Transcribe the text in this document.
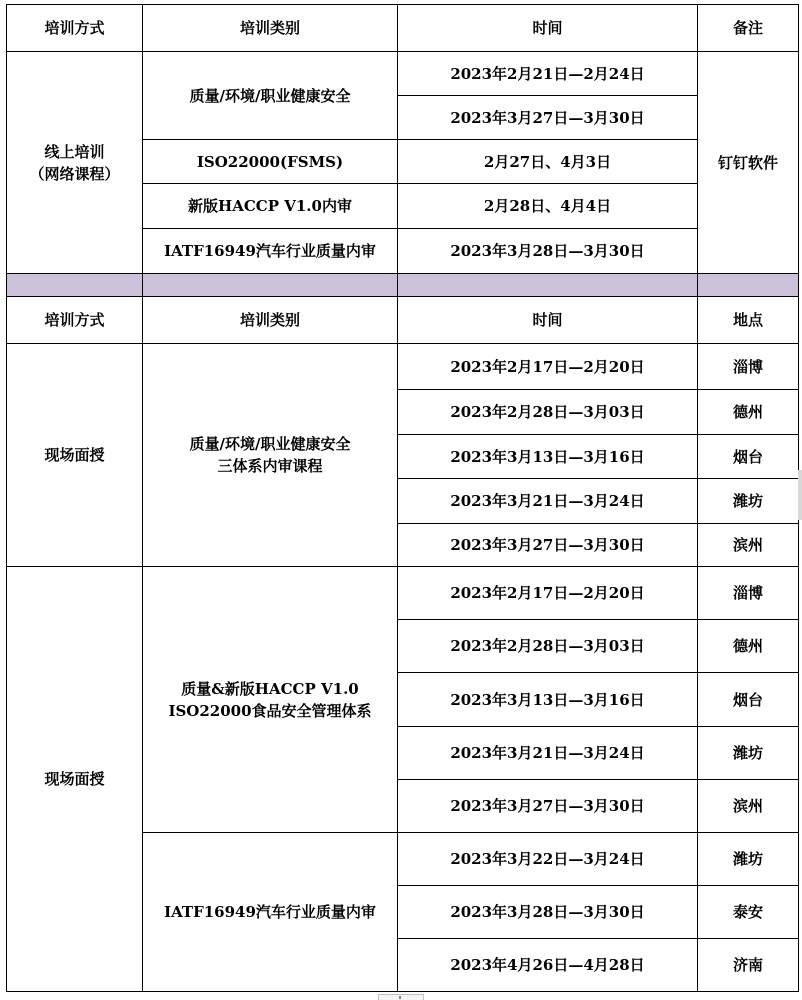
培训方式	培训类别	时间	备注

线上培训
（网络课程）	质量/环境/职业健康安全	2023年2月21日—2月24日	钉钉软件
		2023年3月27日—3月30日	
	ISO22000(FSMS)	2月27日、4月3日	
	新版HACCP V1.0内审	2月28日、4月4日	
	IATF16949汽车行业质量内审	2023年3月28日—3月30日	

培训方式	培训类别	时间	地点
现场面授	质量/环境/职业健康安全
三体系内审课程	2023年2月17日—2月20日	淄博
		2023年2月28日—3月03日	德州
		2023年3月13日—3月16日	烟台
		2023年3月21日—3月24日	潍坊
		2023年3月27日—3月30日	滨州
现场面授	质量&新版HACCP V1.0
ISO22000食品安全管理体系	2023年2月17日—2月20日	淄博
		2023年2月28日—3月03日	德州
		2023年3月13日—3月16日	烟台
		2023年3月21日—3月24日	潍坊
		2023年3月27日—3月30日	滨州
	IATF16949汽车行业质量内审	2023年3月22日—3月24日	潍坊
		2023年3月28日—3月30日	泰安
		2023年4月26日—4月28日	济南
